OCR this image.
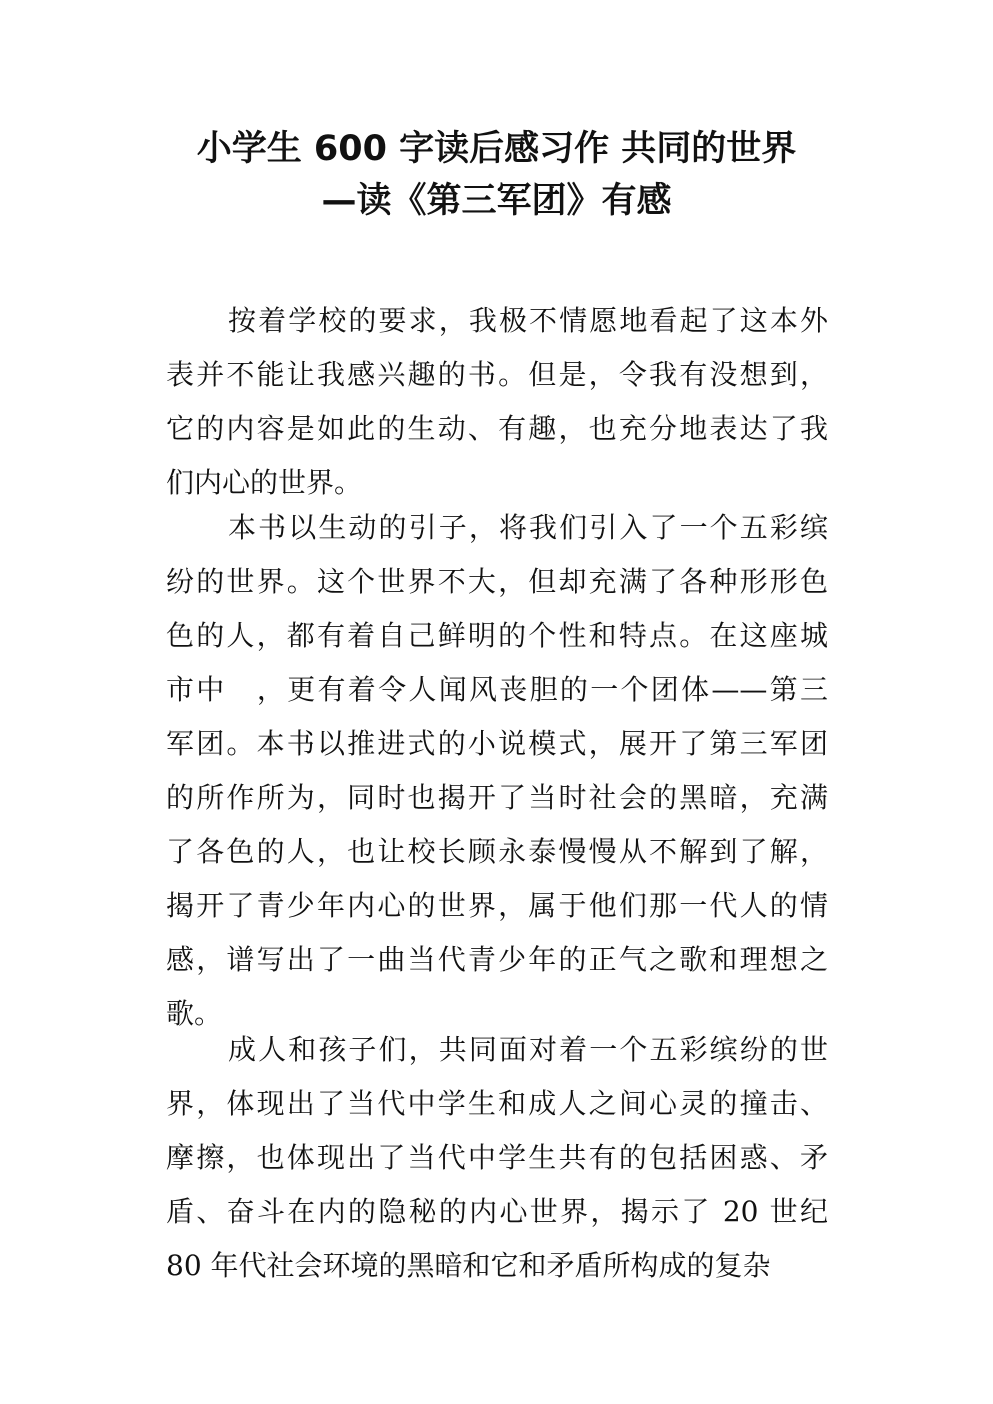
小学生 600 字读后感习作 共同的世界
—读《第三军团》有感
按着学校的要求，我极不情愿地看起了这本外
表并不能让我感兴趣的书。但是，令我有没想到，
它的内容是如此的生动、有趣，也充分地表达了我
们内心的世界。
本书以生动的引子，将我们引入了一个五彩缤
纷的世界。这个世界不大，但却充满了各种形形色
色的人，都有着自己鲜明的个性和特点。在这座城
市中　，更有着令人闻风丧胆的一个团体——第三
军团。本书以推进式的小说模式，展开了第三军团
的所作所为，同时也揭开了当时社会的黑暗，充满
了各色的人，也让校长顾永泰慢慢从不解到了解，
揭开了青少年内心的世界，属于他们那一代人的情
感，谱写出了一曲当代青少年的正气之歌和理想之
歌。
成人和孩子们，共同面对着一个五彩缤纷的世
界，体现出了当代中学生和成人之间心灵的撞击、
摩擦，也体现出了当代中学生共有的包括困惑、矛
盾、奋斗在内的隐秘的内心世界，揭示了 20 世纪
80 年代社会环境的黑暗和它和矛盾所构成的复杂
